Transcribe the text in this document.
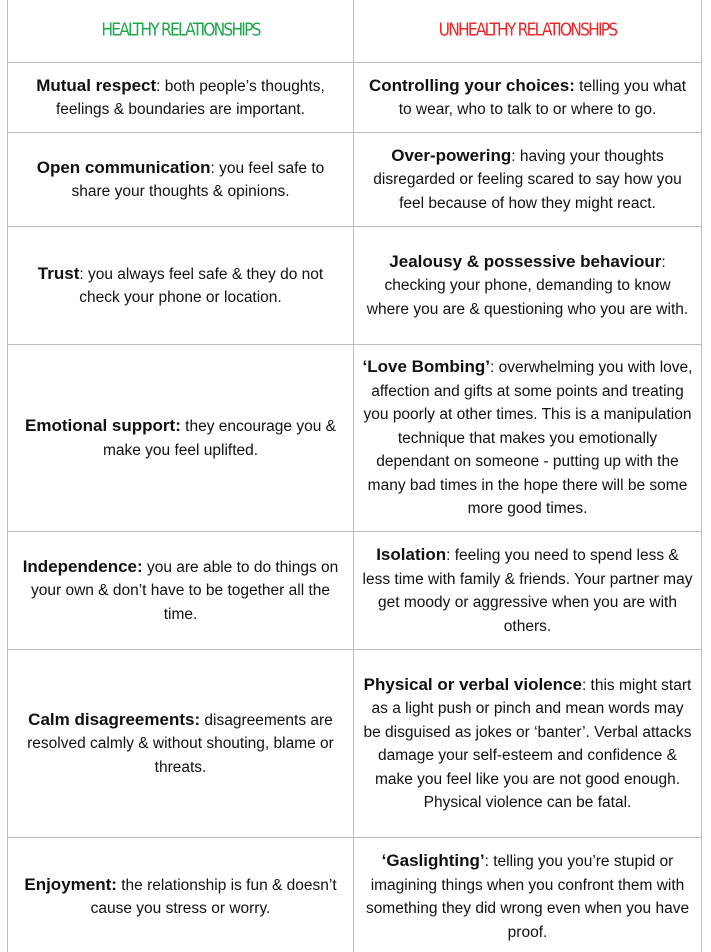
HEALTHY RELATIONSHIPS	UNHEALTHY RELATIONSHIPS
Mutual respect: both people’s thoughts, feelings & boundaries are important.	Controlling your choices: telling you what to wear, who to talk to or where to go.
Open communication: you feel safe to share your thoughts & opinions.	Over-powering: having your thoughts disregarded or feeling scared to say how you feel because of how they might react.
Trust: you always feel safe & they do not check your phone or location.	Jealousy & possessive behaviour: checking your phone, demanding to know where you are & questioning who you are with.
Emotional support: they encourage you & make you feel uplifted.	‘Love Bombing’: overwhelming you with love, affection and gifts at some points and treating you poorly at other times. This is a manipulation technique that makes you emotionally dependant on someone - putting up with the many bad times in the hope there will be some more good times.
Independence: you are able to do things on your own & don’t have to be together all the time.	Isolation: feeling you need to spend less & less time with family & friends. Your partner may get moody or aggressive when you are with others.
Calm disagreements: disagreements are resolved calmly & without shouting, blame or threats.	Physical or verbal violence: this might start as a light push or pinch and mean words may be disguised as jokes or ‘banter’. Verbal attacks damage your self-esteem and confidence & make you feel like you are not good enough. Physical violence can be fatal.
Enjoyment: the relationship is fun & doesn’t cause you stress or worry.	‘Gaslighting’: telling you you’re stupid or imagining things when you confront them with something they did wrong even when you have proof.
